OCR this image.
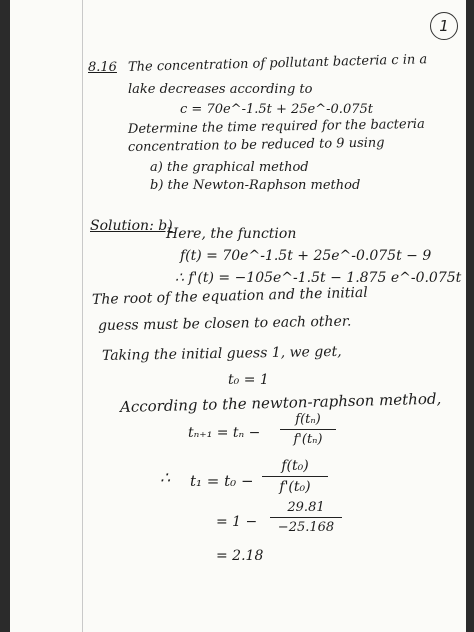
1
8.16 The concentration of pollutant bacteria c in a
lake decreases according to
c = 70e^-1.5t + 25e^-0.075t
Determine the time required for the bacteria
concentration to be reduced to 9 using
a) the graphical method
b) the Newton-Raphson method
Solution: b)
Here, the function
f(t) = 70e^-1.5t + 25e^-0.075t − 9
∴ f'(t) = −105e^-1.5t − 1.875 e^-0.075t
The root of the equation and the initial
guess must be closen to each other.
Taking the initial guess 1, we get,
t₀ = 1
According to the newton-raphson method,
tₙ₊₁ = tₙ −
f(tₙ)
f'(tₙ)
∴ t₁ = t₀ −
f(t₀)
f'(t₀)
= 1 −
29.81
−25.168
= 2.18
